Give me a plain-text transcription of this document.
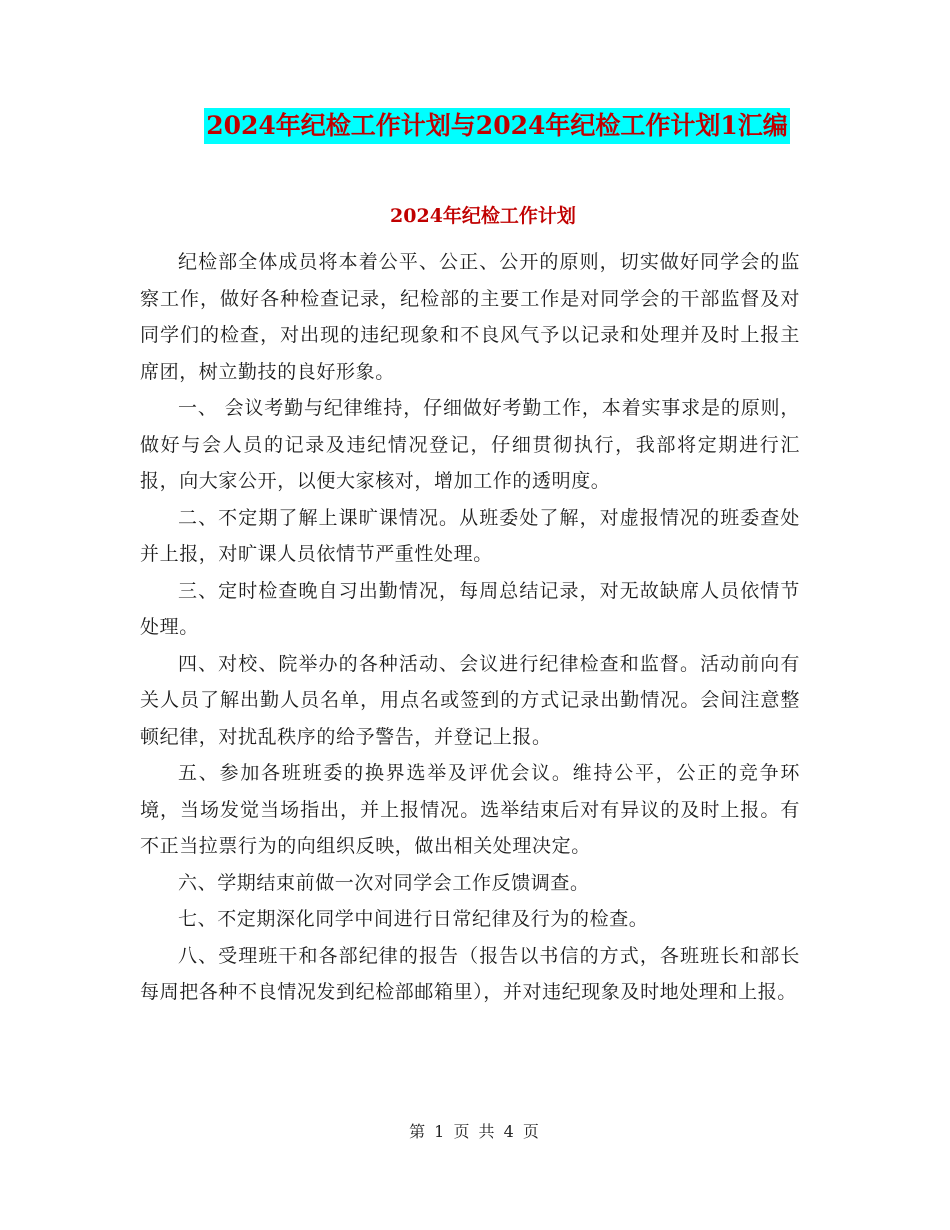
2024年纪检工作计划与2024年纪检工作计划1汇编
2024年纪检工作计划

纪检部全体成员将本着公平、公正、公开的原则，切实做好同学会的监察工作，做好各种检查记录，纪检部的主要工作是对同学会的干部监督及对同学们的检查，对出现的违纪现象和不良风气予以记录和处理并及时上报主席团，树立勤技的良好形象。

一、 会议考勤与纪律维持，仔细做好考勤工作，本着实事求是的原则，做好与会人员的记录及违纪情况登记，仔细贯彻执行，我部将定期进行汇报，向大家公开，以便大家核对，增加工作的透明度。

二、不定期了解上课旷课情况。从班委处了解，对虚报情况的班委查处并上报，对旷课人员依情节严重性处理。

三、定时检查晚自习出勤情况，每周总结记录，对无故缺席人员依情节处理。

四、对校、院举办的各种活动、会议进行纪律检查和监督。活动前向有关人员了解出勤人员名单，用点名或签到的方式记录出勤情况。会间注意整顿纪律，对扰乱秩序的给予警告，并登记上报。

五、参加各班班委的换界选举及评优会议。维持公平，公正的竞争环境，当场发觉当场指出，并上报情况。选举结束后对有异议的及时上报。有不正当拉票行为的向组织反映，做出相关处理决定。

六、学期结束前做一次对同学会工作反馈调查。

七、不定期深化同学中间进行日常纪律及行为的检查。

八、受理班干和各部纪律的报告（报告以书信的方式，各班班长和部长每周把各种不良情况发到纪检部邮箱里），并对违纪现象及时地处理和上报。

第 1 页 共 4 页
